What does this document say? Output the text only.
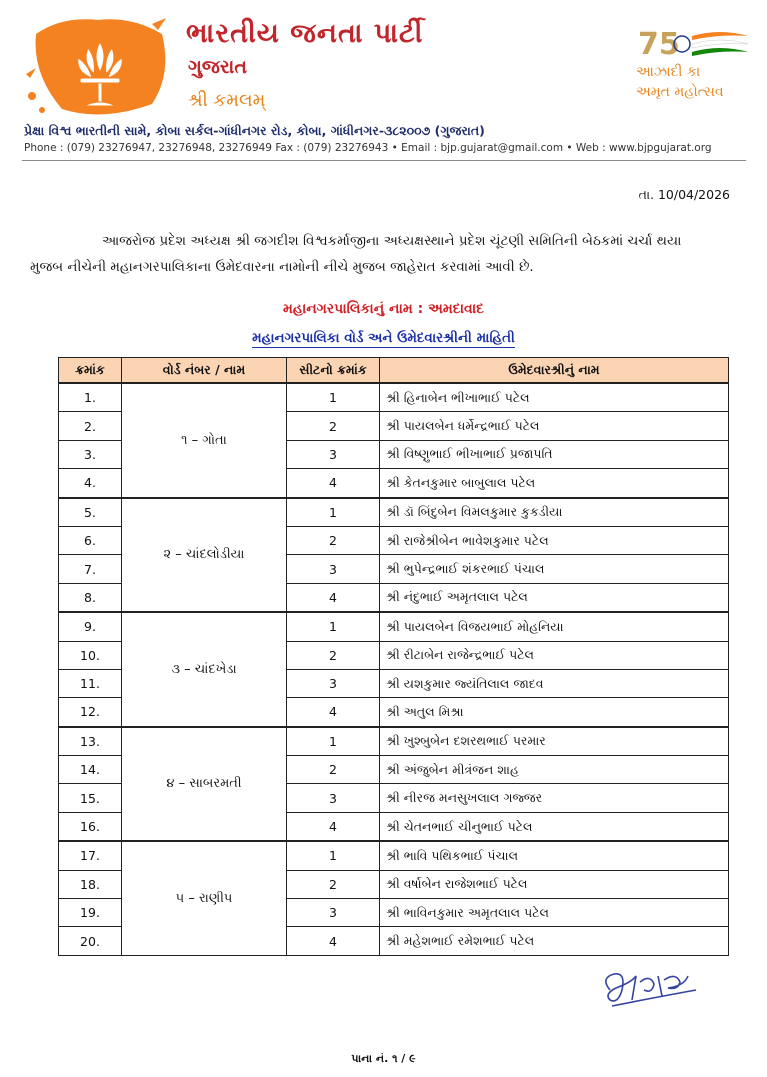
ભારતીય જનતા પાર્ટી
ગુજરાત
શ્રી કમલમ્
75
આઝાદી કા
અમૃત મહોત્સવ
પ્રેક્ષા વિશ્વ ભારતીની સામે, કોબા સર્કલ-ગાંધીનગર રોડ, કોબા, ગાંધીનગર-૩૮૨૦૦૭ (ગુજરાત)
Phone : (079) 23276947, 23276948, 23276949 Fax : (079) 23276943 • Email : bjp.gujarat@gmail.com • Web : www.bjpgujarat.org
તા. 10/04/2026
આજરોજ પ્રદેશ અધ્યક્ષ શ્રી જગદીશ વિશ્વકર્માજીના અધ્યક્ષસ્થાને પ્રદેશ ચૂંટણી સમિતિની બેઠકમાં ચર્ચા થયા
મુજબ નીચેની મહાનગરપાલિકાના ઉમેદવારના નામોની નીચે મુજબ જાહેરાત કરવામાં આવી છે.
મહાનગરપાલિકાનું નામ : અમદાવાદ
મહાનગરપાલિકા વોર્ડ અને ઉમેદવારશ્રીની માહિતી
ક્રમાંક	વોર્ડ નંબર / નામ	સીટનો ક્રમાંક	ઉમેદવારશ્રીનું નામ
1.	૧ – ગોતા	1	શ્રી હિનાબેન ભીખાભાઈ પટેલ
2.		2	શ્રી પાયલબેન ધર્મેન્દ્રભાઈ પટેલ
3.		3	શ્રી વિષ્ણુભાઈ ભીખાભાઈ પ્રજાપતિ
4.		4	શ્રી કેતનકુમાર બાબુલાલ પટેલ
5.	૨ – ચાંદલોડીયા	1	શ્રી ડૉ બિંદુબેન વિમલકુમાર કુકડીયા
6.		2	શ્રી રાજેશ્રીબેન ભાવેશકુમાર પટેલ
7.		3	શ્રી ભુપેન્દ્રભાઈ શંકરભાઈ પંચાલ
8.		4	શ્રી નંદુભાઈ અમૃતલાલ પટેલ
9.	૩ – ચાંદખેડા	1	શ્રી પાયલબેન વિજયભાઈ મોહનિયા
10.		2	શ્રી રીટાબેન રાજેન્દ્રભાઈ પટેલ
11.		3	શ્રી યશકુમાર જ્યંતિલાલ જાદવ
12.		4	શ્રી અતુલ મિશ્રા
13.	૪ – સાબરમતી	1	શ્રી ખુશ્બુબેન દશરથભાઈ પરમાર
14.		2	શ્રી અંજુબેન મીત્રંજન શાહ
15.		3	શ્રી નીરજ મનસુખલાલ ગજ્જર
16.		4	શ્રી ચેતનભાઈ ચીનુભાઈ પટેલ
17.	૫ – રાણીપ	1	શ્રી ભાવિ પથિકભાઈ પંચાલ
18.		2	શ્રી વર્ષાબેન રાજેશભાઈ પટેલ
19.		3	શ્રી ભાવિનકુમાર અમૃતલાલ પટેલ
20.		4	શ્રી મહેશભાઈ રમેશભાઈ પટેલ
પાના નં. ૧ / ૯
